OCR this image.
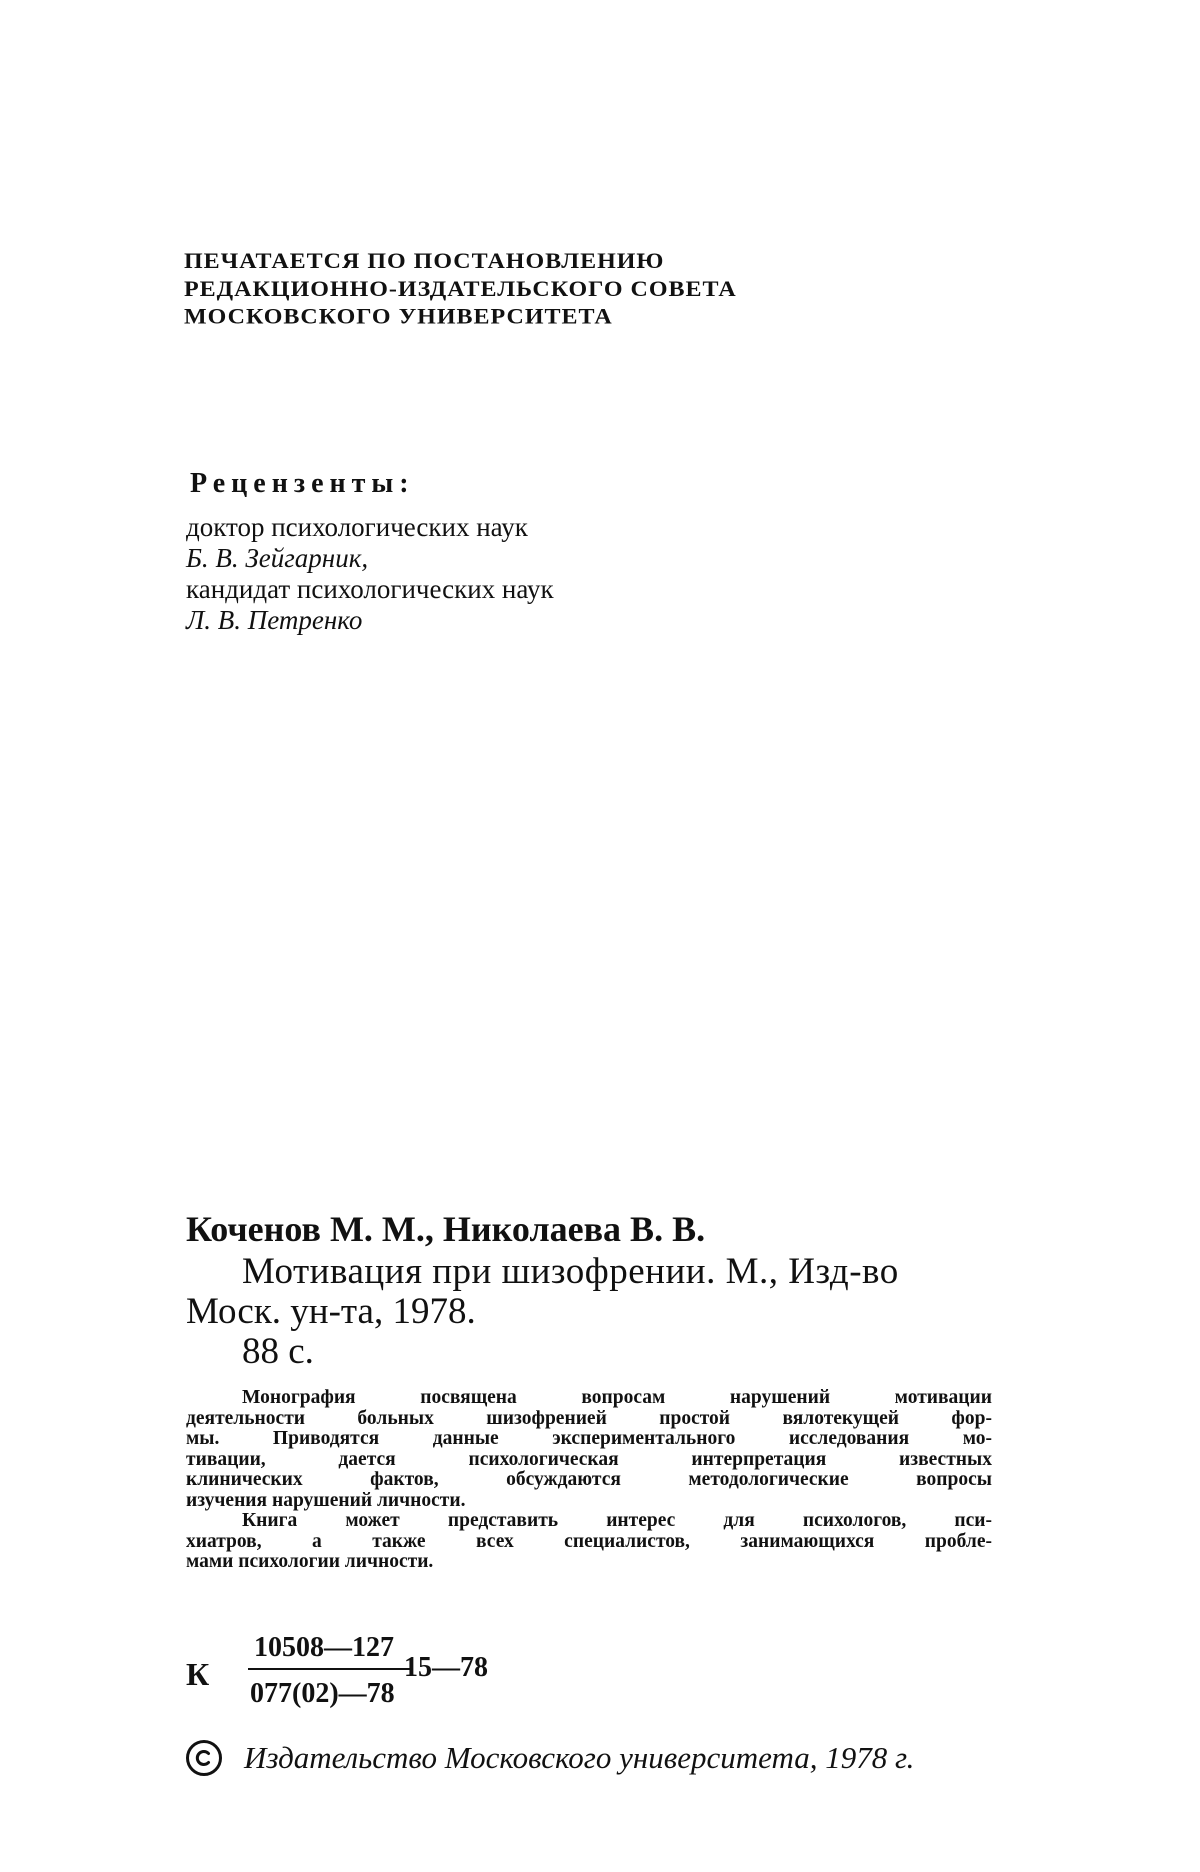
ПЕЧАТАЕТСЯ ПО ПОСТАНОВЛЕНИЮ
РЕДАКЦИОННО-ИЗДАТЕЛЬСКОГО СОВЕТА
МОСКОВСКОГО УНИВЕРСИТЕТА
Рецензенты:
доктор психологических наук
Б. В. Зейгарник,
кандидат психологических наук
Л. В. Петренко
Коченов М. М., Николаева В. В.
Мотивация при шизофрении. М., Изд-во
Моск. ун-та, 1978.
88 с.
Монография посвящена вопросам нарушений мотивации
деятельности больных шизофренией простой вялотекущей фор-
мы. Приводятся данные экспериментального исследования мо-
тивации, дается психологическая интерпретация известных
клинических фактов, обсуждаются методологические вопросы
изучения нарушений личности.
Книга может представить интерес для психологов, пси-
хиатров, а также всех специалистов, занимающихся пробле-
мами психологии личности.
К
10508—127
077(02)—78
15—78
Издательство Московского университета, 1978 г.
